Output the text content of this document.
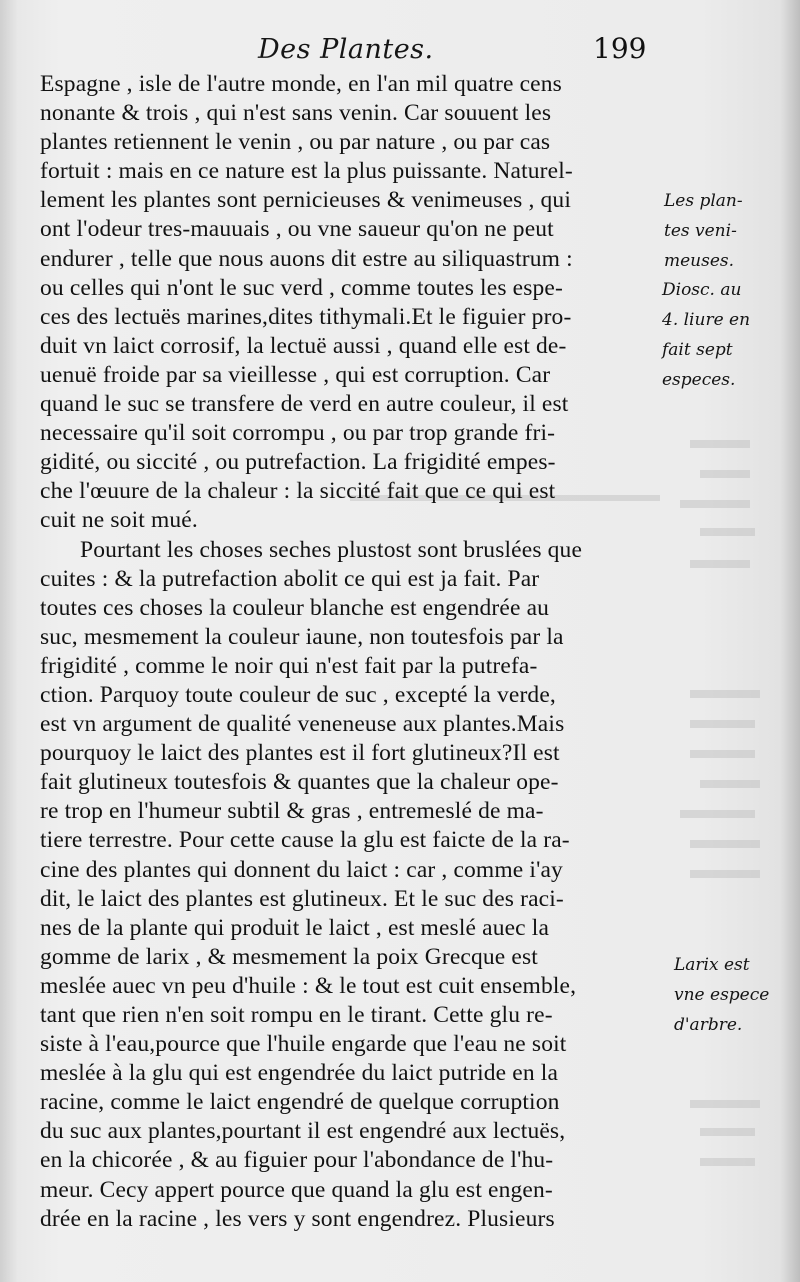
Des Plantes.	199
Espagne , isle de l'autre monde, en l'an mil quatre cens
nonante & trois , qui n'est sans venin. Car souuent les
plantes retiennent le venin , ou par nature , ou par cas
fortuit : mais en ce nature est la plus puissante. Naturel-
lement les plantes sont pernicieuses & venimeuses , qui
ont l'odeur tres-mauuais , ou vne saueur qu'on ne peut
endurer , telle que nous auons dit estre au siliquastrum :
ou celles qui n'ont le suc verd , comme toutes les espe-
ces des lectuës marines,dites tithymali.Et le figuier pro-
duit vn laict corrosif, la lectuë aussi , quand elle est de-
uenuë froide par sa vieillesse , qui est corruption. Car
quand le suc se transfere de verd en autre couleur, il est
necessaire qu'il soit corrompu , ou par trop grande fri-
gidité, ou siccité , ou putrefaction. La frigidité empes-
che l'œuure de la chaleur : la siccité fait que ce qui est
cuit ne soit mué.
Pourtant les choses seches plustost sont bruslées que
cuites : & la putrefaction abolit ce qui est ja fait. Par
toutes ces choses la couleur blanche est engendrée au
suc, mesmement la couleur iaune, non toutesfois par la
frigidité , comme le noir qui n'est fait par la putrefa-
ction. Parquoy toute couleur de suc , excepté la verde,
est vn argument de qualité veneneuse aux plantes.Mais
pourquoy le laict des plantes est il fort glutineux?Il est
fait glutineux toutesfois & quantes que la chaleur ope-
re trop en l'humeur subtil & gras , entremeslé de ma-
tiere terrestre. Pour cette cause la glu est faicte de la ra-
cine des plantes qui donnent du laict : car , comme i'ay
dit, le laict des plantes est glutineux. Et le suc des raci-
nes de la plante qui produit le laict , est meslé auec la
gomme de larix , & mesmement la poix Grecque est
meslée auec vn peu d'huile : & le tout est cuit ensemble,
tant que rien n'en soit rompu en le tirant. Cette glu re-
siste à l'eau,pource que l'huile engarde que l'eau ne soit
meslée à la glu qui est engendrée du laict putride en la
racine, comme le laict engendré de quelque corruption
du suc aux plantes,pourtant il est engendré aux lectuës,
en la chicorée , & au figuier pour l'abondance de l'hu-
meur. Cecy appert pource que quand la glu est engen-
drée en la racine , les vers y sont engendrez. Plusieurs
Les plan-
tes veni-
meuses.
Diosc. au
4. liure en
fait sept
especes.
Larix est
vne espece
d'arbre.
